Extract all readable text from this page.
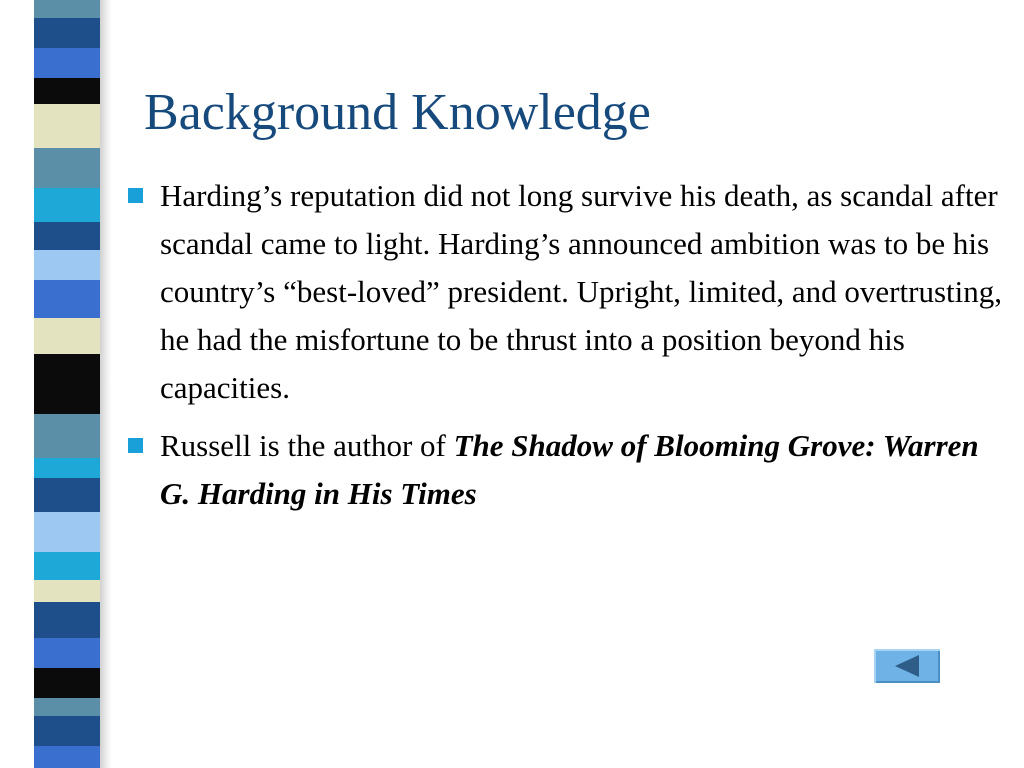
Background Knowledge
Harding’s reputation did not long survive his death, as scandal after scandal came to light. Harding’s announced ambition was to be his country’s “best-loved” president. Upright, limited, and overtrusting, he had the misfortune to be thrust into a position beyond his capacities.
Russell is the author of The Shadow of Blooming Grove: Warren G. Harding in His Times
